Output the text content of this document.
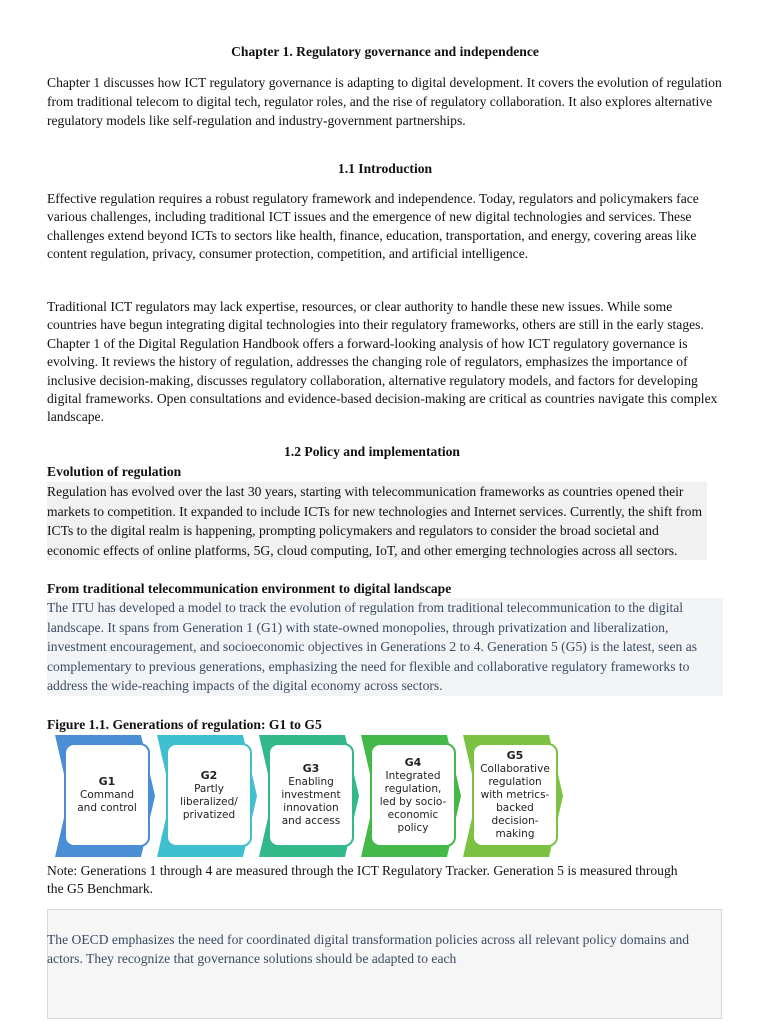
Chapter 1. Regulatory governance and independence

Chapter 1 discusses how ICT regulatory governance is adapting to digital development. It covers the evolution of regulation from traditional telecom to digital tech, regulator roles, and the rise of regulatory collaboration. It also explores alternative regulatory models like self-regulation and industry-government partnerships.

1.1 Introduction

Effective regulation requires a robust regulatory framework and independence. Today, regulators and policymakers face various challenges, including traditional ICT issues and the emergence of new digital technologies and services. These challenges extend beyond ICTs to sectors like health, finance, education, transportation, and energy, covering areas like content regulation, privacy, consumer protection, competition, and artificial intelligence.

Traditional ICT regulators may lack expertise, resources, or clear authority to handle these new issues. While some countries have begun integrating digital technologies into their regulatory frameworks, others are still in the early stages. Chapter 1 of the Digital Regulation Handbook offers a forward-looking analysis of how ICT regulatory governance is evolving. It reviews the history of regulation, addresses the changing role of regulators, emphasizes the importance of inclusive decision-making, discusses regulatory collaboration, alternative regulatory models, and factors for developing digital frameworks. Open consultations and evidence-based decision-making are critical as countries navigate this complex landscape.

1.2 Policy and implementation
Evolution of regulation

Regulation has evolved over the last 30 years, starting with telecommunication frameworks as countries opened their markets to competition. It expanded to include ICTs for new technologies and Internet services. Currently, the shift from ICTs to the digital realm is happening, prompting policymakers and regulators to consider the broad societal and economic effects of online platforms, 5G, cloud computing, IoT, and other emerging technologies across all sectors.

From traditional telecommunication environment to digital landscape

The ITU has developed a model to track the evolution of regulation from traditional telecommunication to the digital landscape. It spans from Generation 1 (G1) with state-owned monopolies, through privatization and liberalization, investment encouragement, and socioeconomic objectives in Generations 2 to 4. Generation 5 (G5) is the latest, seen as complementary to previous generations, emphasizing the need for flexible and collaborative regulatory frameworks to address the wide-reaching impacts of the digital economy across sectors.

Figure 1.1. Generations of regulation: G1 to G5
G1
Command and control
G2
Partly liberalized/ privatized
G3
Enabling investment innovation and access
G4
Integrated regulation, led by socio-economic policy
G5
Collaborative regulation with metrics-backed decision-making

Note: Generations 1 through 4 are measured through the ICT Regulatory Tracker. Generation 5 is measured through the G5 Benchmark.

The OECD emphasizes the need for coordinated digital transformation policies across all relevant policy domains and actors. They recognize that governance solutions should be adapted to each
